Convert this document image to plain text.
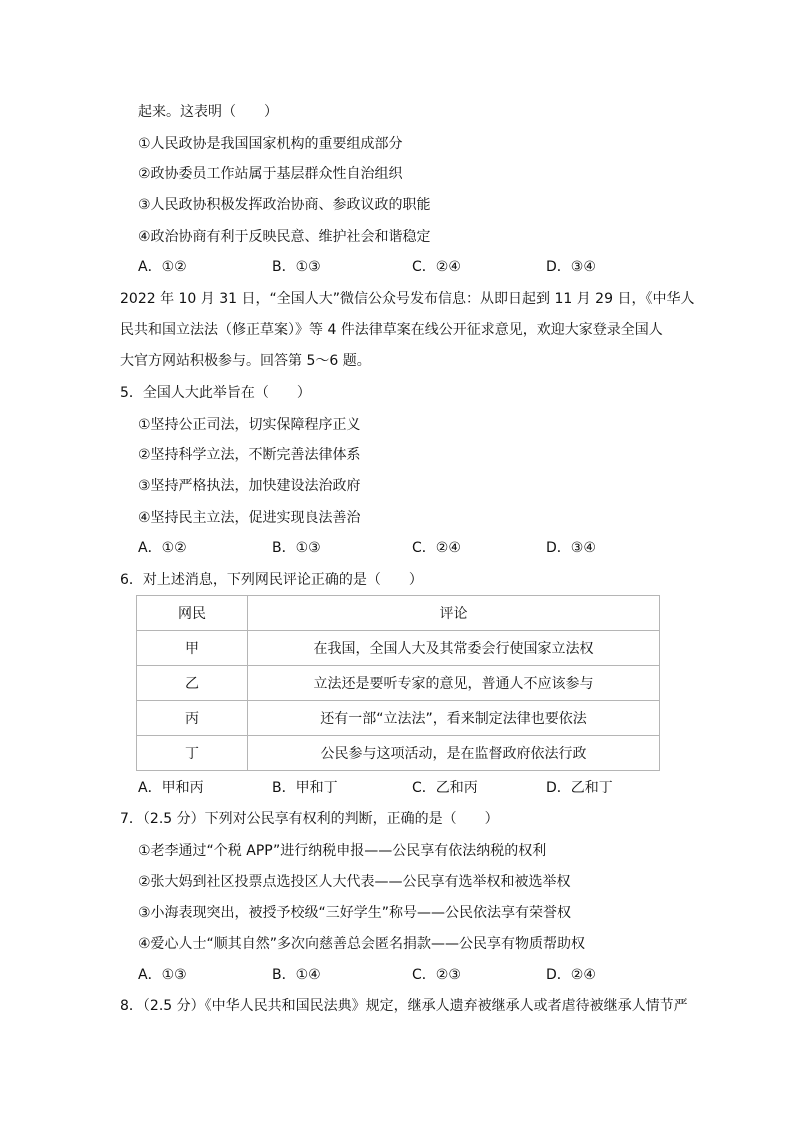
起来。这表明（　　）
①人民政协是我国国家机构的重要组成部分
②政协委员工作站属于基层群众性自治组织
③人民政协积极发挥政治协商、参政议政的职能
④政治协商有利于反映民意、维护社会和谐稳定
A．①②	B．①③	C．②④	D．③④
2022 年 10 月 31 日，“全国人大”微信公众号发布信息：从即日起到 11 月 29 日，《中华人
民共和国立法法（修正草案）》等 4 件法律草案在线公开征求意见，欢迎大家登录全国人
大官方网站积极参与。回答第 5～6 题。
5．全国人大此举旨在（　　）
①坚持公正司法，切实保障程序正义
②坚持科学立法，不断完善法律体系
③坚持严格执法，加快建设法治政府
④坚持民主立法，促进实现良法善治
A．①②	B．①③	C．②④	D．③④
6．对上述消息，下列网民评论正确的是（　　）
网民	评论
甲	在我国，全国人大及其常委会行使国家立法权
乙	立法还是要听专家的意见，普通人不应该参与
丙	还有一部“立法法”，看来制定法律也要依法
丁	公民参与这项活动，是在监督政府依法行政
A．甲和丙	B．甲和丁	C．乙和丙	D．乙和丁
7．（2.5 分）下列对公民享有权利的判断，正确的是（　　）
①老李通过“个税 APP”进行纳税申报——公民享有依法纳税的权利
②张大妈到社区投票点选投区人大代表——公民享有选举权和被选举权
③小海表现突出，被授予校级“三好学生”称号——公民依法享有荣誉权
④爱心人士“顺其自然”多次向慈善总会匿名捐款——公民享有物质帮助权
A．①③	B．①④	C．②③	D．②④
8．（2.5 分）《中华人民共和国民法典》规定，继承人遗弃被继承人或者虐待被继承人情节严
